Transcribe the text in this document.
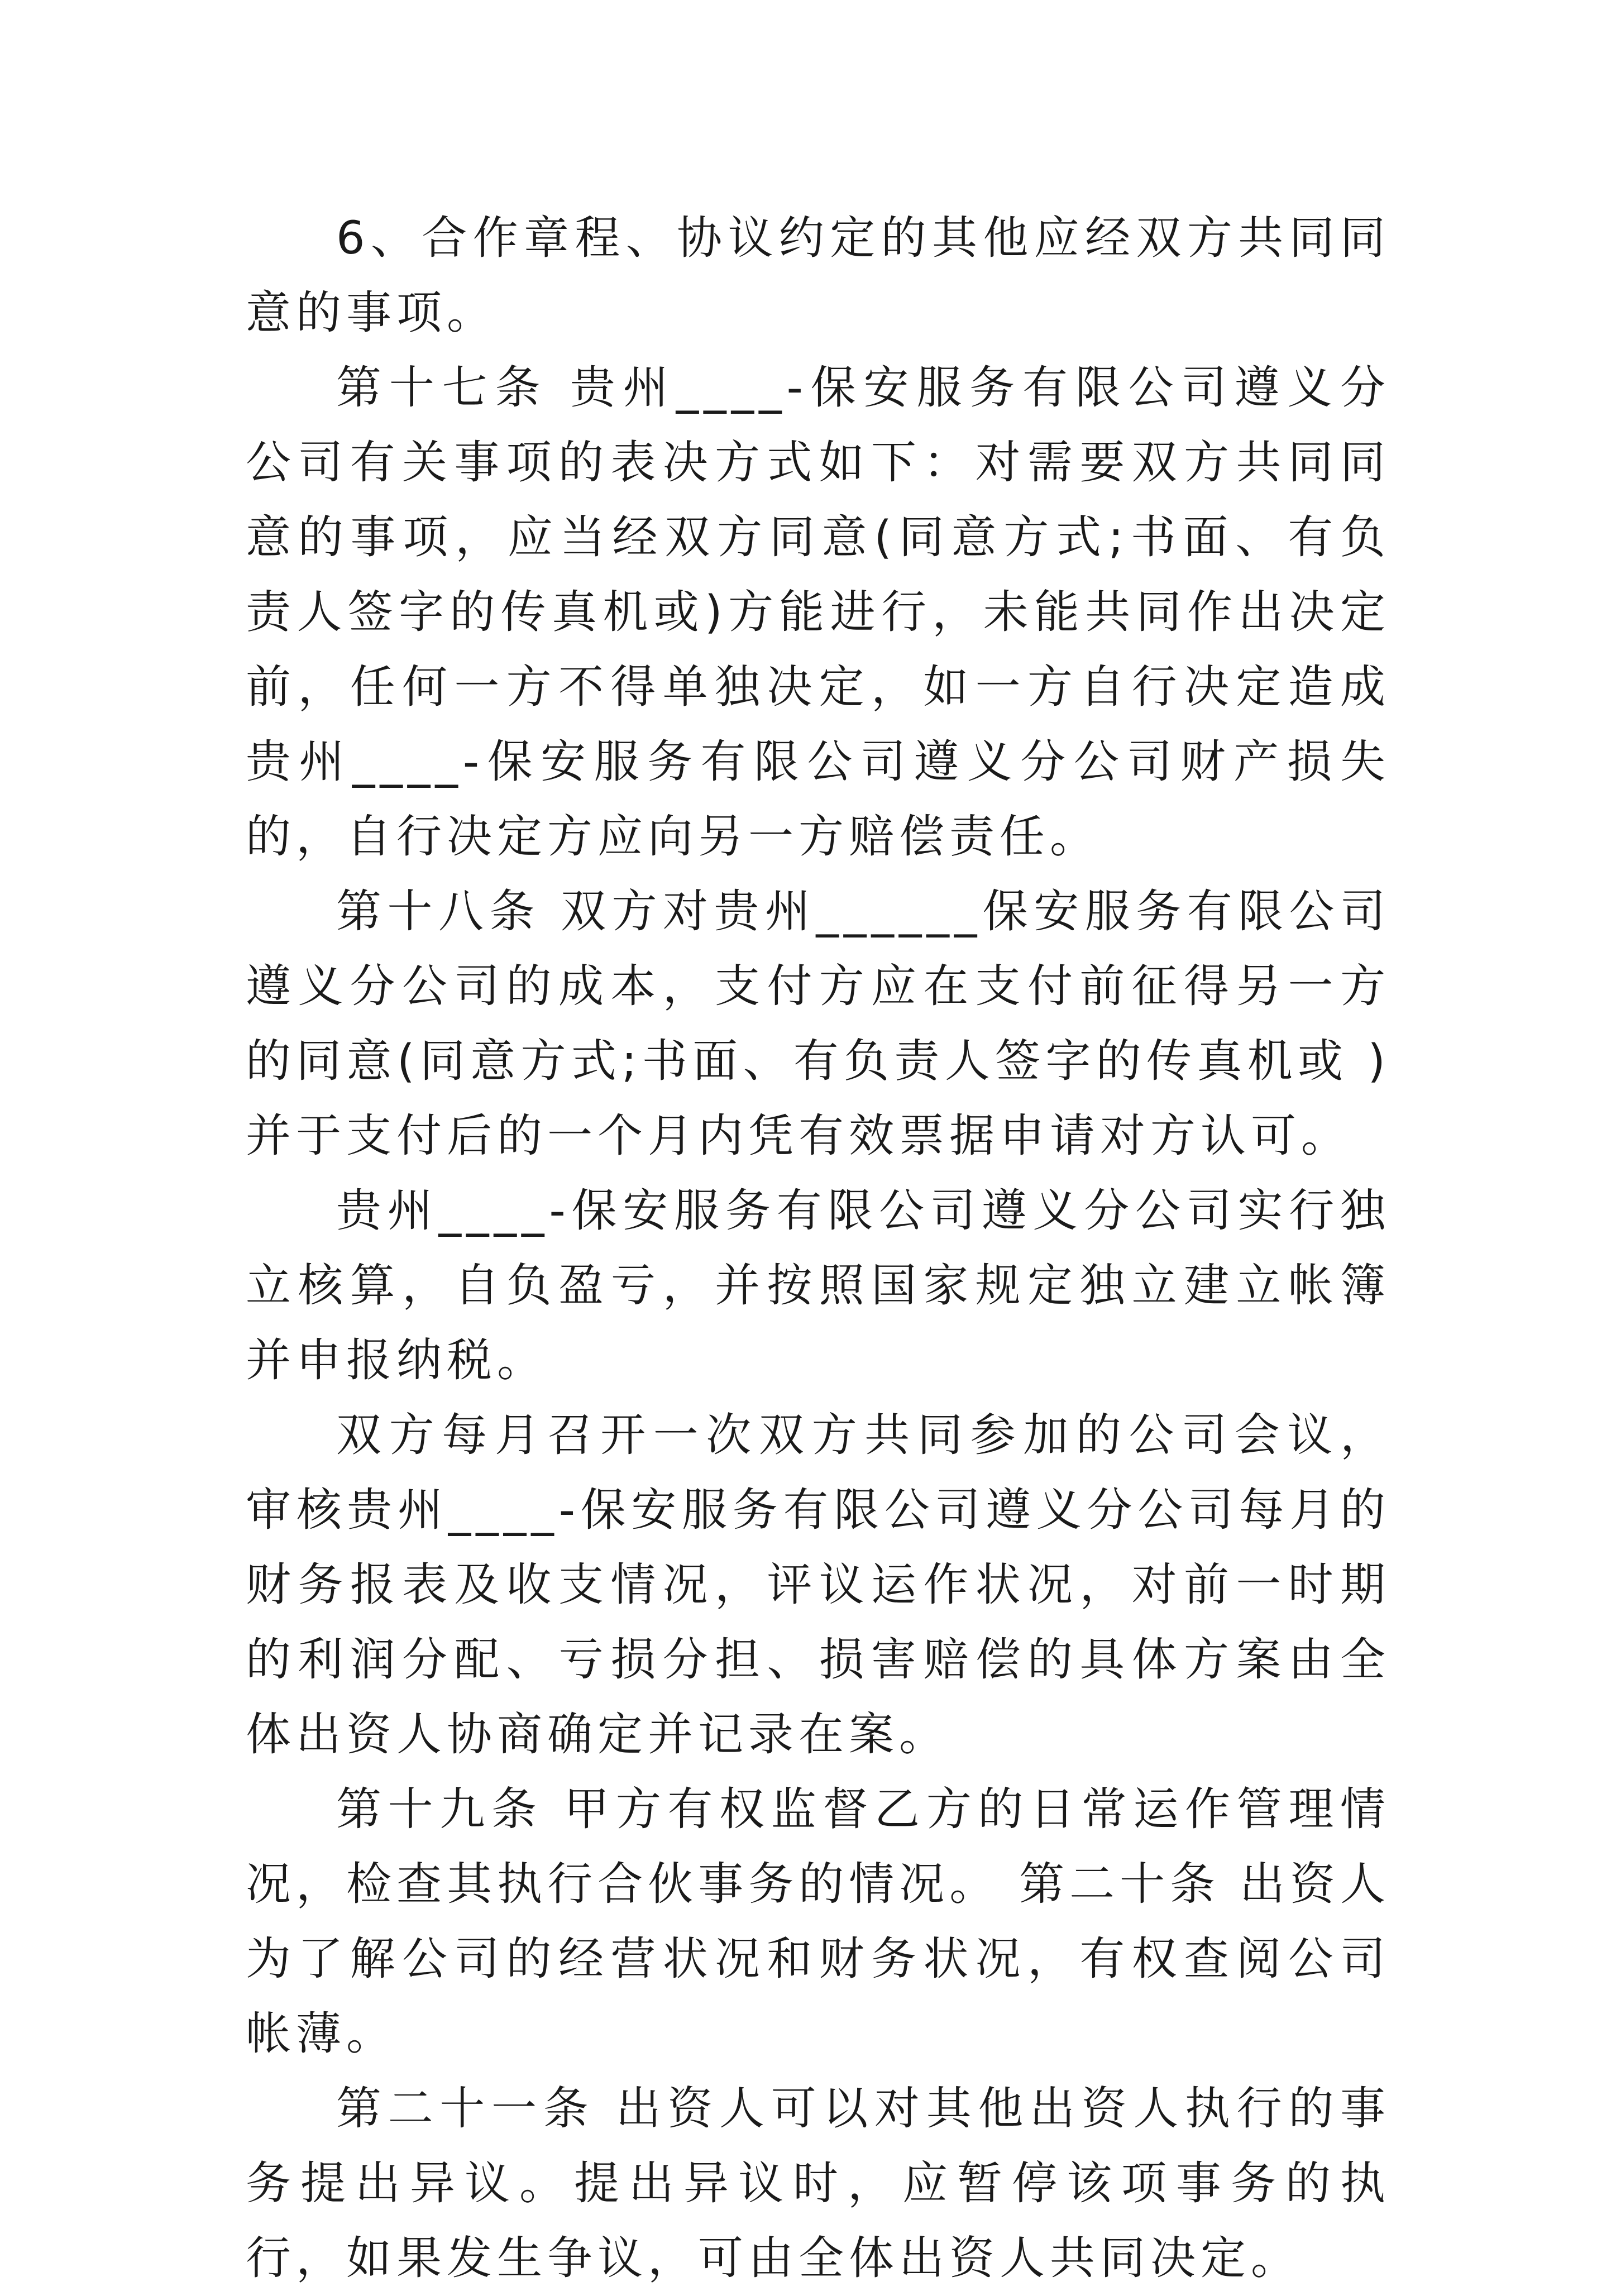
6、合作章程、协议约定的其他应经双方共同同意的事项。

第十七条 贵州____-保安服务有限公司遵义分公司有关事项的表决方式如下：对需要双方共同同意的事项，应当经双方同意(同意方式;书面、有负责人签字的传真机或)方能进行，未能共同作出决定前，任何一方不得单独决定，如一方自行决定造成贵州____-保安服务有限公司遵义分公司财产损失的，自行决定方应向另一方赔偿责任。

第十八条 双方对贵州______保安服务有限公司遵义分公司的成本，支付方应在支付前征得另一方的同意(同意方式;书面、有负责人签字的传真机或 )并于支付后的一个月内凭有效票据申请对方认可。

贵州____-保安服务有限公司遵义分公司实行独立核算，自负盈亏，并按照国家规定独立建立帐簿并申报纳税。

双方每月召开一次双方共同参加的公司会议，审核贵州____-保安服务有限公司遵义分公司每月的财务报表及收支情况，评议运作状况，对前一时期的利润分配、亏损分担、损害赔偿的具体方案由全体出资人协商确定并记录在案。

第十九条 甲方有权监督乙方的日常运作管理情况，检查其执行合伙事务的情况。 第二十条 出资人为了解公司的经营状况和财务状况，有权查阅公司帐薄。

第二十一条 出资人可以对其他出资人执行的事务提出异议。提出异议时，应暂停该项事务的执行，如果发生争议，可由全体出资人共同决定。
